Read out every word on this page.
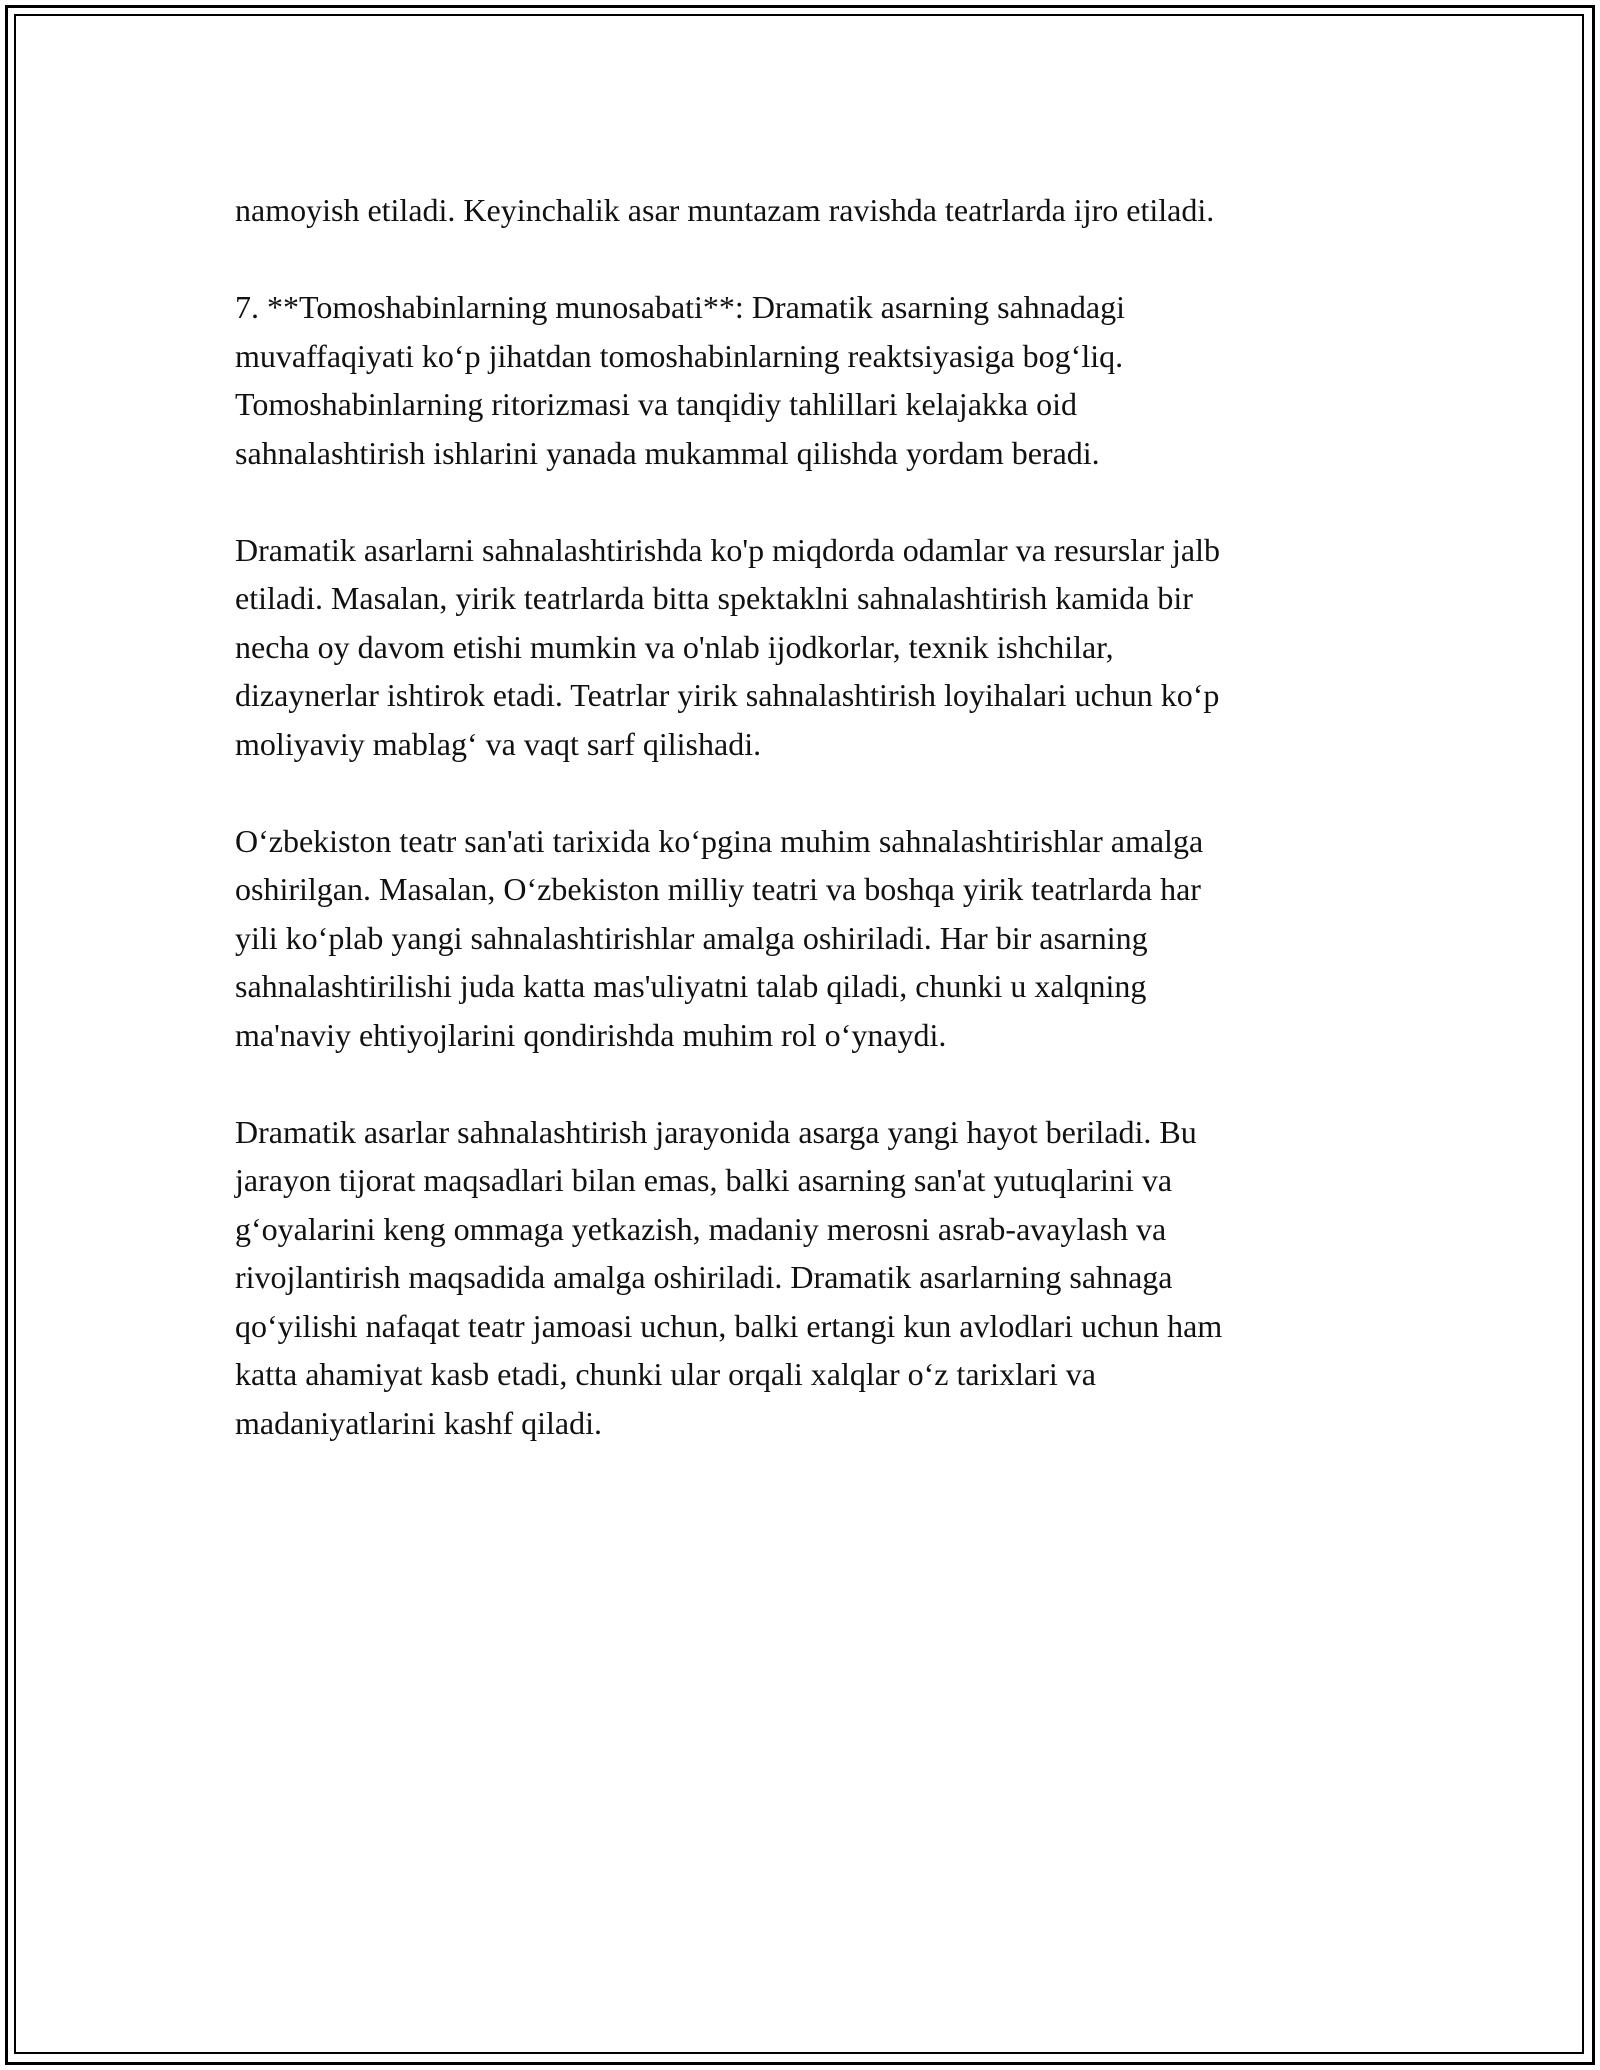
namoyish etiladi. Keyinchalik asar muntazam ravishda teatrlarda ijro etiladi.

7. **Tomoshabinlarning munosabati**: Dramatik asarning sahnadagi
muvaffaqiyati ko‘p jihatdan tomoshabinlarning reaktsiyasiga bog‘liq.
Tomoshabinlarning ritorizmasi va tanqidiy tahlillari kelajakka oid
sahnalashtirish ishlarini yanada mukammal qilishda yordam beradi.

Dramatik asarlarni sahnalashtirishda ko'p miqdorda odamlar va resurslar jalb
etiladi. Masalan, yirik teatrlarda bitta spektaklni sahnalashtirish kamida bir
necha oy davom etishi mumkin va o'nlab ijodkorlar, texnik ishchilar,
dizaynerlar ishtirok etadi. Teatrlar yirik sahnalashtirish loyihalari uchun ko‘p
moliyaviy mablag‘ va vaqt sarf qilishadi.

O‘zbekiston teatr san'ati tarixida ko‘pgina muhim sahnalashtirishlar amalga
oshirilgan. Masalan, O‘zbekiston milliy teatri va boshqa yirik teatrlarda har
yili ko‘plab yangi sahnalashtirishlar amalga oshiriladi. Har bir asarning
sahnalashtirilishi juda katta mas'uliyatni talab qiladi, chunki u xalqning
ma'naviy ehtiyojlarini qondirishda muhim rol o‘ynaydi.

Dramatik asarlar sahnalashtirish jarayonida asarga yangi hayot beriladi. Bu
jarayon tijorat maqsadlari bilan emas, balki asarning san'at yutuqlarini va
g‘oyalarini keng ommaga yetkazish, madaniy merosni asrab-avaylash va
rivojlantirish maqsadida amalga oshiriladi. Dramatik asarlarning sahnaga
qo‘yilishi nafaqat teatr jamoasi uchun, balki ertangi kun avlodlari uchun ham
katta ahamiyat kasb etadi, chunki ular orqali xalqlar o‘z tarixlari va
madaniyatlarini kashf qiladi.
